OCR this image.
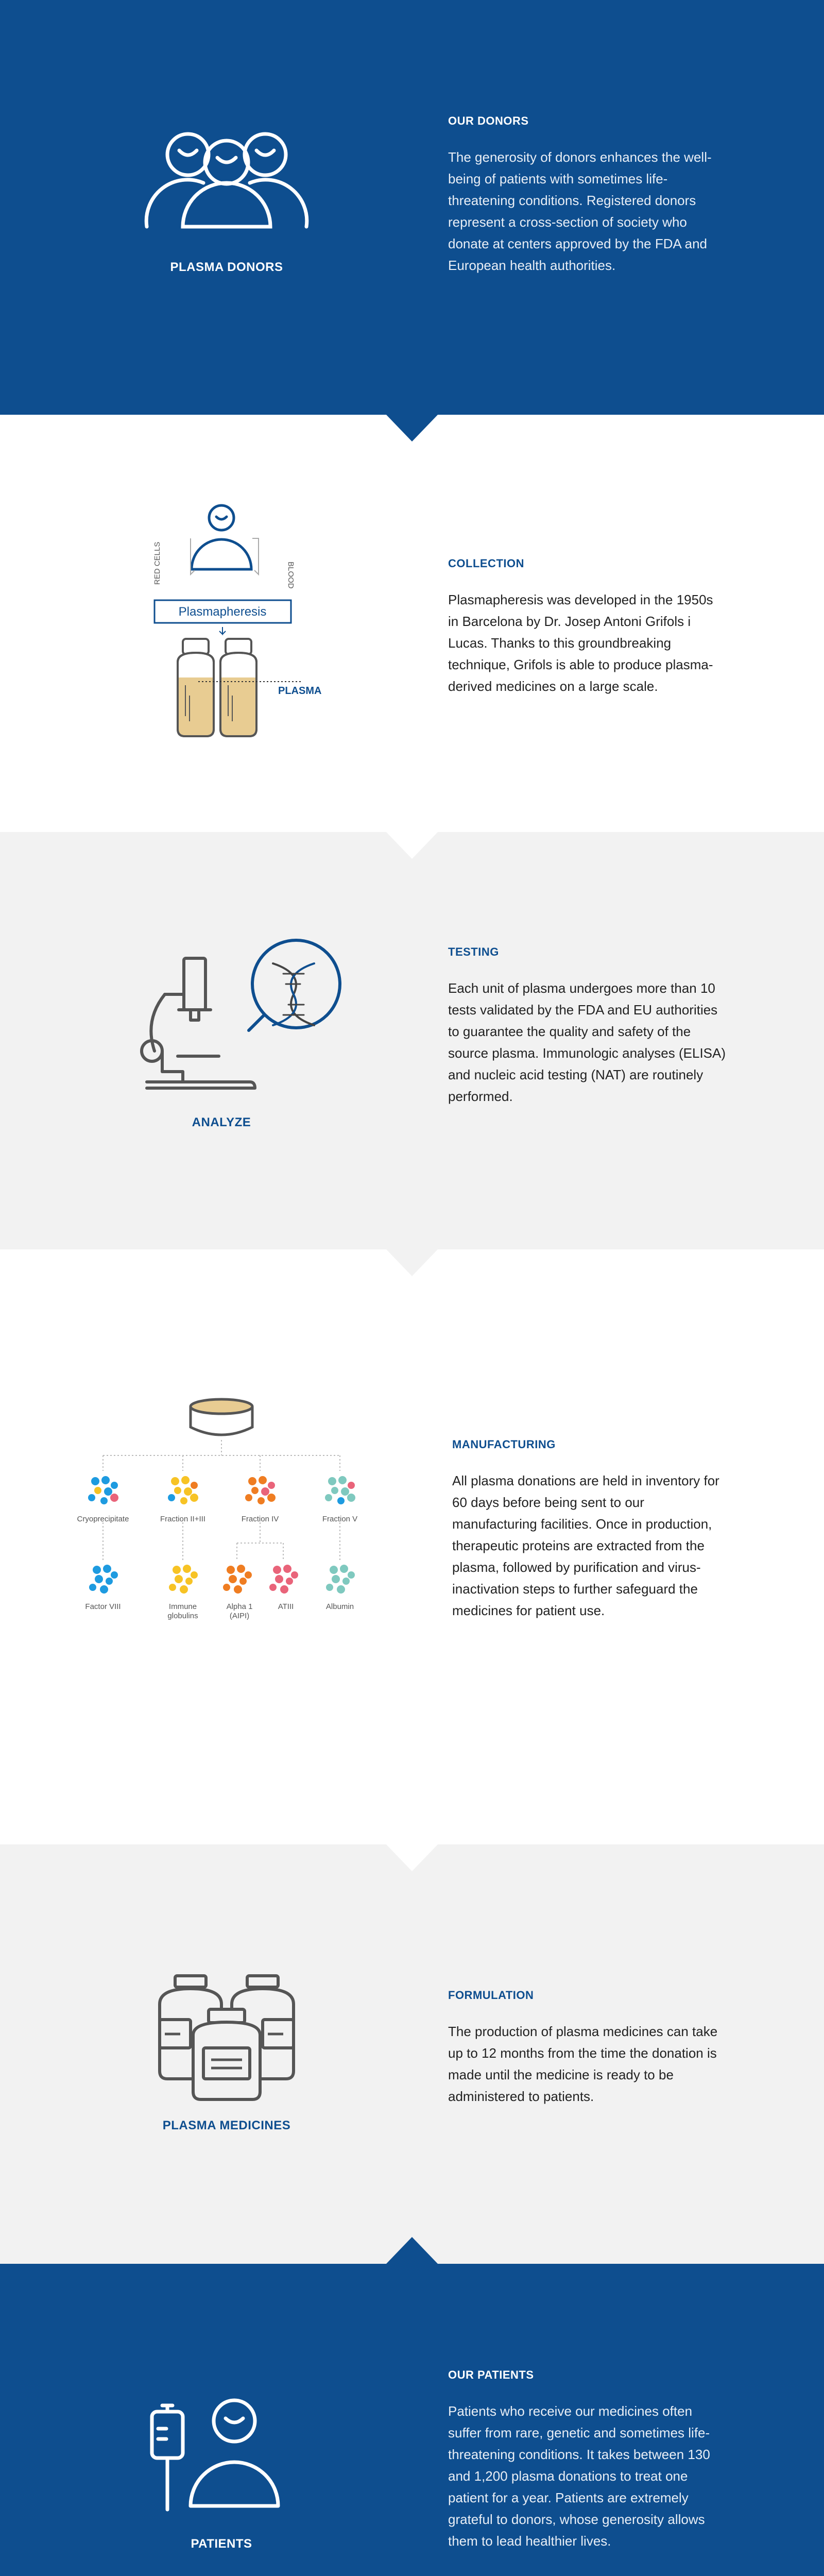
PLASMA DONORS
OUR DONORS

The generosity of donors enhances the well-being of patients with sometimes life-threatening conditions. Registered donors represent a cross-section of society who donate at centers approved by the FDA and European health authorities.

RED CELLS	BLOOD
Plasmapheresis
PLASMA
COLLECTION

Plasmapheresis was developed in the 1950s in Barcelona by Dr. Josep Antoni Grifols i Lucas. Thanks to this groundbreaking technique, Grifols is able to produce plasma-derived medicines on a large scale.

ANALYZE
TESTING

Each unit of plasma undergoes more than 10 tests validated by the FDA and EU authorities to guarantee the quality and safety of the source plasma. Immunologic analyses (ELISA) and nucleic acid testing (NAT) are routinely performed.

Cryoprecipitate	Fraction II+III	Fraction IV	Fraction V
Factor VIII	Immune globulins
Alpha 1 (AIPI)
ATIII	Albumin
MANUFACTURING

All plasma donations are held in inventory for 60 days before being sent to our manufacturing facilities. Once in production, therapeutic proteins are extracted from the plasma, followed by purification and virus-inactivation steps to further safeguard the medicines for patient use.

PLASMA MEDICINES
FORMULATION

The production of plasma medicines can take up to 12 months from the time the donation is made until the medicine is ready to be administered to patients.

PATIENTS
OUR PATIENTS

Patients who receive our medicines often suffer from rare, genetic and sometimes life-threatening conditions. It takes between 130 and 1,200 plasma donations to treat one patient for a year. Patients are extremely grateful to donors, whose generosity allows them to lead healthier lives.
